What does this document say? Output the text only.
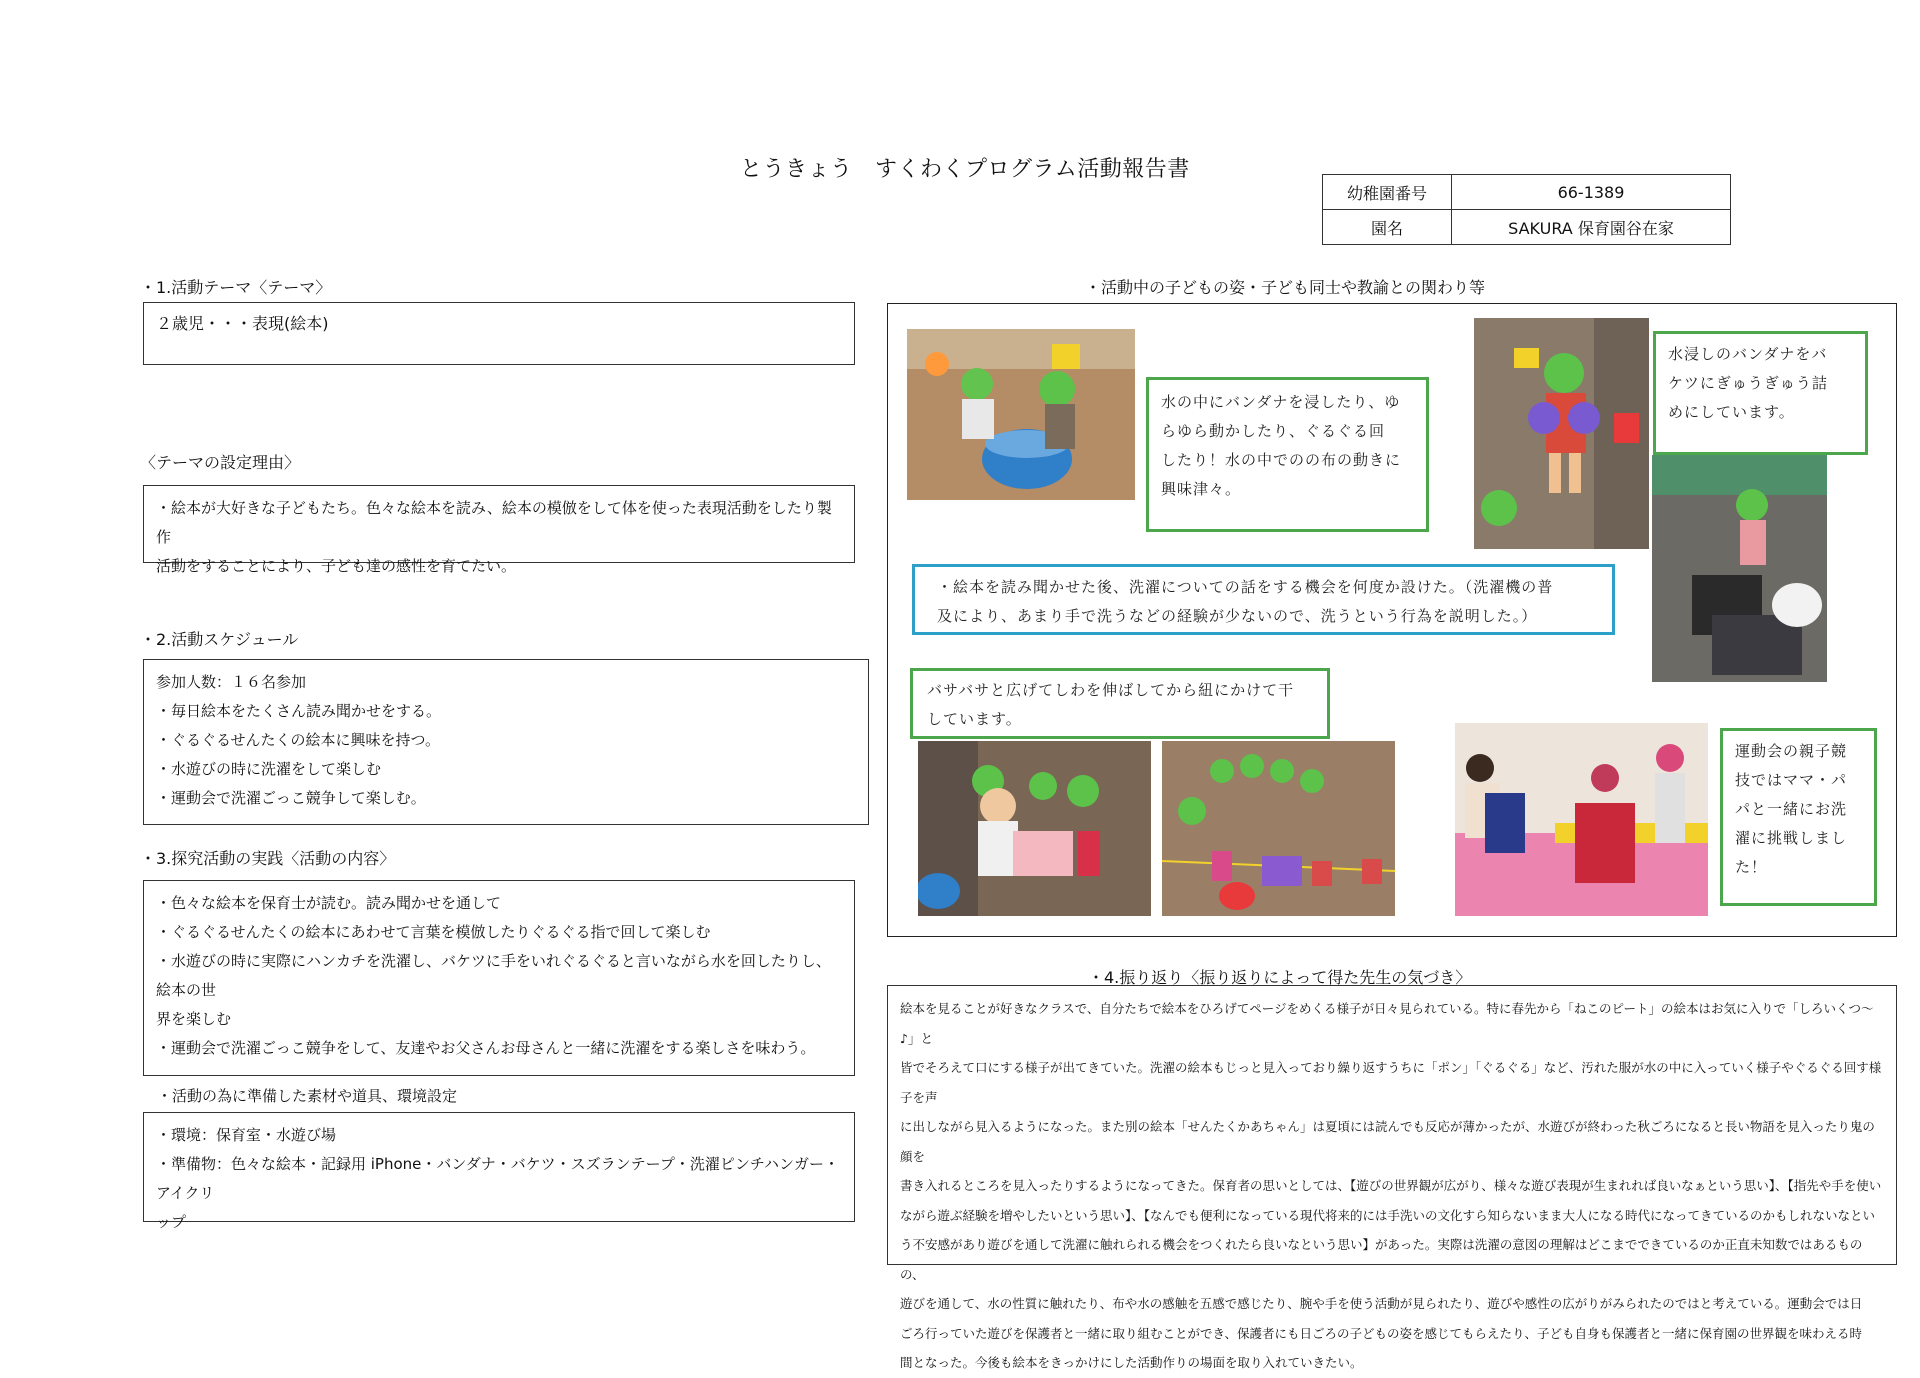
とうきょう　すくわくプログラム活動報告書
幼稚園番号	66-1389
園名	SAKURA 保育園谷在家
・1.活動テーマ〈テーマ〉
２歳児・・・表現(絵本)
〈テーマの設定理由〉
・絵本が大好きな子どもたち。色々な絵本を読み、絵本の模倣をして体を使った表現活動をしたり製作
活動をすることにより、子ども達の感性を育てたい。
・2.活動スケジュール
参加人数：１６名参加
・毎日絵本をたくさん読み聞かせをする。
・ぐるぐるせんたくの絵本に興味を持つ。
・水遊びの時に洗濯をして楽しむ
・運動会で洗濯ごっこ競争して楽しむ。
・3.探究活動の実践〈活動の内容〉
・色々な絵本を保育士が読む。読み聞かせを通して
・ぐるぐるせんたくの絵本にあわせて言葉を模倣したりぐるぐる指で回して楽しむ
・水遊びの時に実際にハンカチを洗濯し、バケツに手をいれぐるぐると言いながら水を回したりし、絵本の世
界を楽しむ
・運動会で洗濯ごっこ競争をして、友達やお父さんお母さんと一緒に洗濯をする楽しさを味わう。
・活動の為に準備した素材や道具、環境設定
・環境：保育室・水遊び場
・準備物：色々な絵本・記録用 iPhone・バンダナ・バケツ・スズランテープ・洗濯ピンチハンガー・アイクリ
ップ
・活動中の子どもの姿・子ども同士や教諭との関わり等
水の中にバンダナを浸したり、ゆ
らゆら動かしたり、ぐるぐる回
したり！水の中でのの布の動きに
興味津々。
水浸しのバンダナをバ
ケツにぎゅうぎゅう詰
めにしています。
・絵本を読み聞かせた後、洗濯についての話をする機会を何度か設けた。（洗濯機の普
及により、あまり手で洗うなどの経験が少ないので、洗うという行為を説明した。）
バサバサと広げてしわを伸ばしてから紐にかけて干
しています。
運動会の親子競
技ではママ・パ
パと一緒にお洗
濯に挑戦しまし
た！
・4.振り返り〈振り返りによって得た先生の気づき〉
絵本を見ることが好きなクラスで、自分たちで絵本をひろげてページをめくる様子が日々見られている。特に春先から「ねこのピート」の絵本はお気に入りで「しろいくつ～♪」と
皆でそろえて口にする様子が出てきていた。洗濯の絵本もじっと見入っており繰り返すうちに「ポン」「ぐるぐる」など、汚れた服が水の中に入っていく様子やぐるぐる回す様子を声
に出しながら見入るようになった。また別の絵本「せんたくかあちゃん」は夏頃には読んでも反応が薄かったが、水遊びが終わった秋ごろになると長い物語を見入ったり鬼の顔を
書き入れるところを見入ったりするようになってきた。保育者の思いとしては、【遊びの世界観が広がり、様々な遊び表現が生まれれば良いなぁという思い】、【指先や手を使い
ながら遊ぶ経験を増やしたいという思い】、【なんでも便利になっている現代将来的には手洗いの文化すら知らないまま大人になる時代になってきているのかもしれないなとい
う不安感があり遊びを通して洗濯に触れられる機会をつくれたら良いなという思い】があった。実際は洗濯の意図の理解はどこまでできているのか正直未知数ではあるものの、
遊びを通して、水の性質に触れたり、布や水の感触を五感で感じたり、腕や手を使う活動が見られたり、遊びや感性の広がりがみられたのではと考えている。運動会では日
ごろ行っていた遊びを保護者と一緒に取り組むことができ、保護者にも日ごろの子どもの姿を感じてもらえたり、子ども自身も保護者と一緒に保育園の世界観を味わえる時
間となった。今後も絵本をきっかけにした活動作りの場面を取り入れていきたい。
